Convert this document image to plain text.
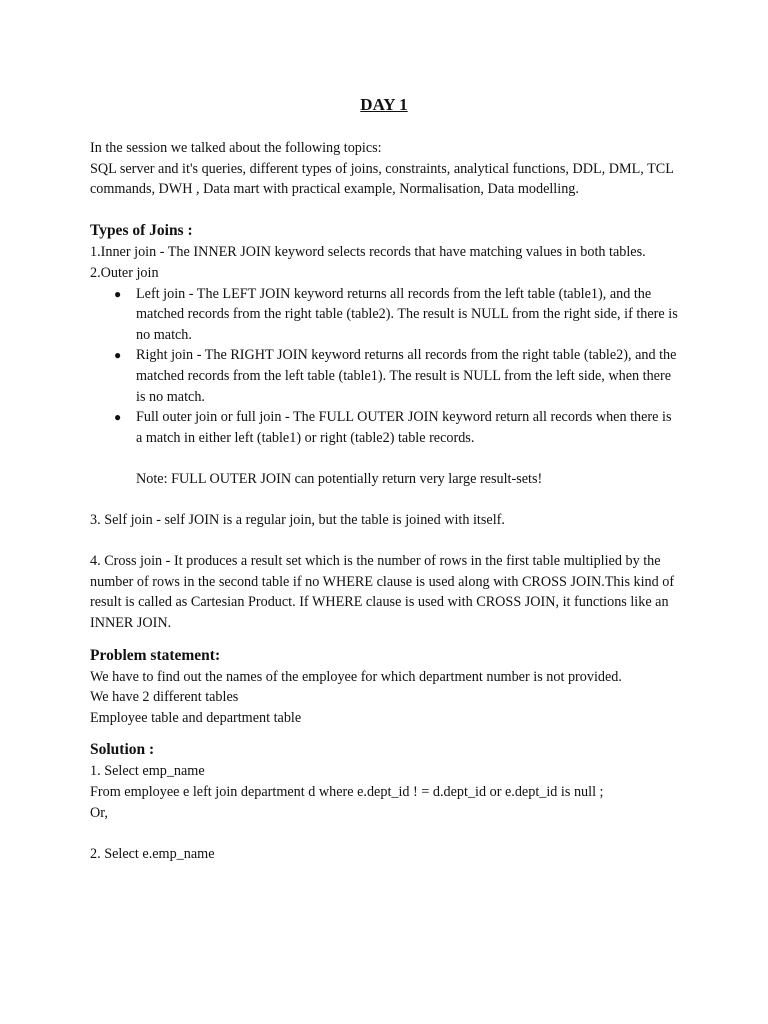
DAY 1

In the session we talked about the following topics:

SQL server and it's queries, different types of joins, constraints, analytical functions, DDL, DML, TCL commands, DWH , Data mart with practical example, Normalisation, Data modelling.

Types of Joins :

1.Inner join - The INNER JOIN keyword selects records that have matching values in both tables.

2.Outer join

● Left join - The LEFT JOIN keyword returns all records from the left table (table1), and the matched records from the right table (table2). The result is NULL from the right side, if there is no match.
● Right join - The RIGHT JOIN keyword returns all records from the right table (table2), and the matched records from the left table (table1). The result is NULL from the left side, when there is no match.
● Full outer join or full join - The FULL OUTER JOIN keyword return all records when there is a match in either left (table1) or right (table2) table records.

Note: FULL OUTER JOIN can potentially return very large result-sets!

3. Self join - self JOIN is a regular join, but the table is joined with itself.

4. Cross join - It produces a result set which is the number of rows in the first table multiplied by the number of rows in the second table if no WHERE clause is used along with CROSS JOIN.This kind of result is called as Cartesian Product. If WHERE clause is used with CROSS JOIN, it functions like an INNER JOIN.

Problem statement:

We have to find out the names of the employee for which department number is not provided.

We have 2 different tables

Employee table and department table

Solution :

1. Select emp_name

From employee e left join department d where e.dept_id ! = d.dept_id or e.dept_id is null ;

Or,

2. Select e.emp_name
